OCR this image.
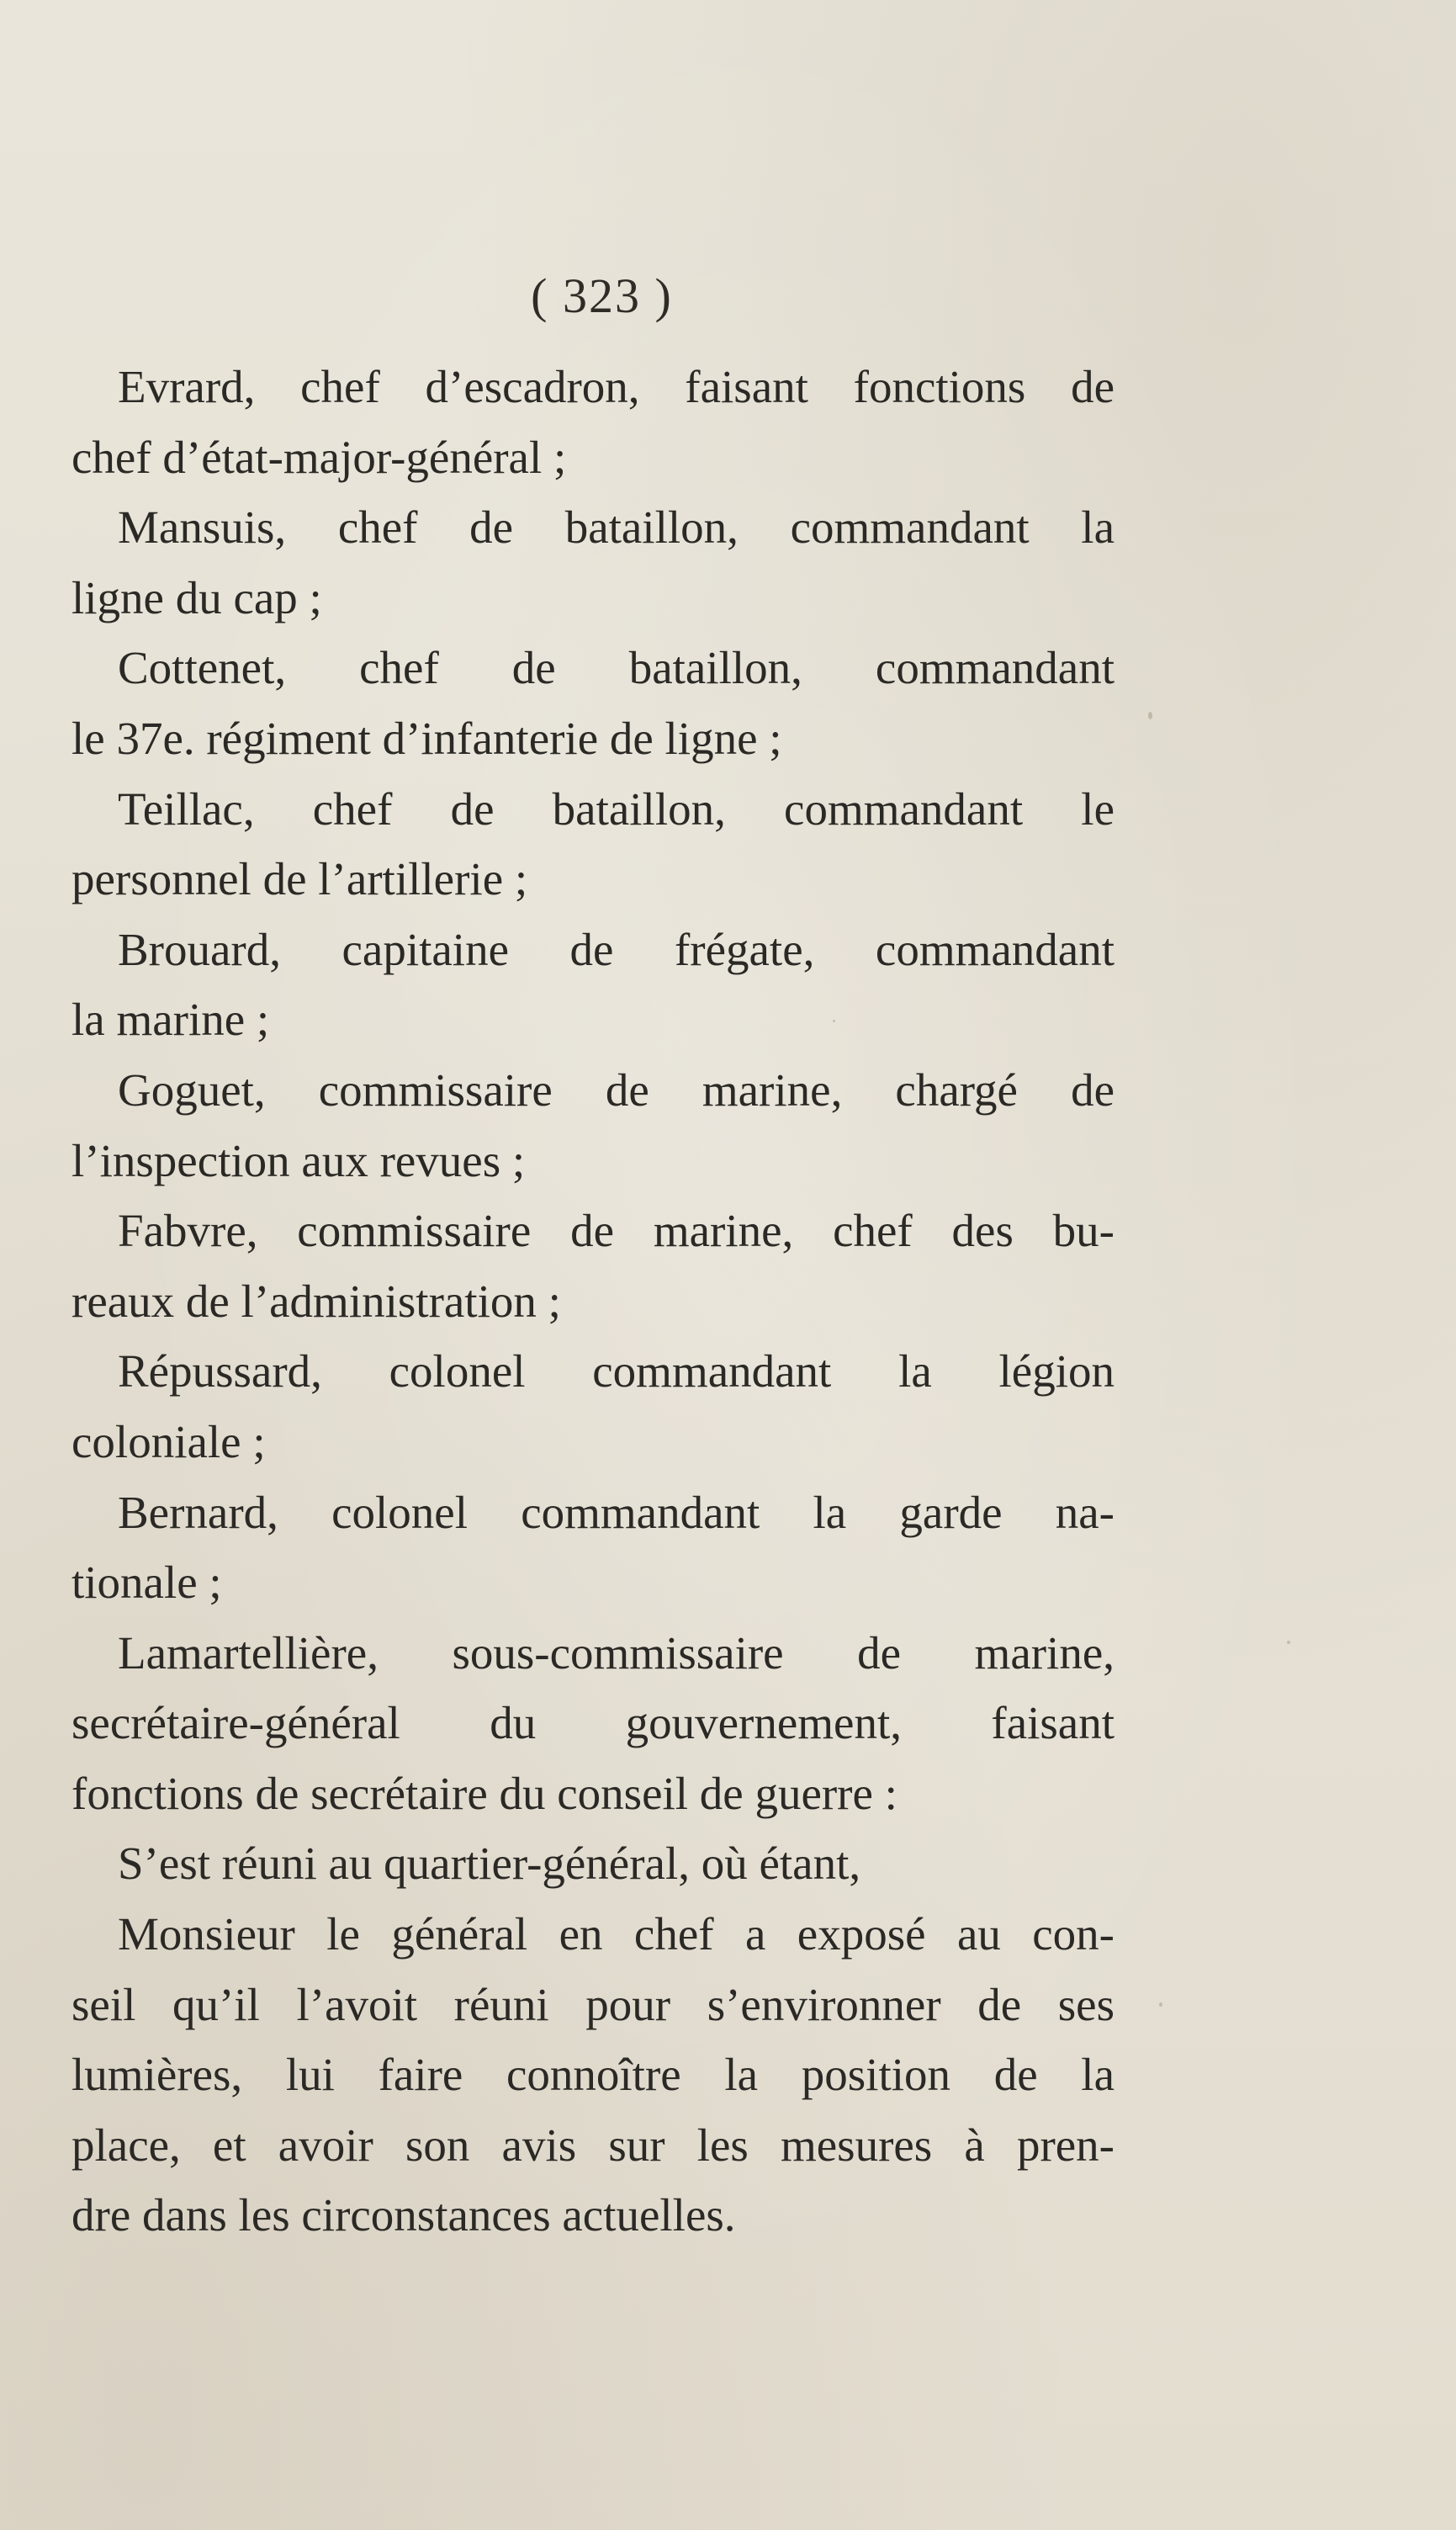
( 323 )
Evrard, chef d’escadron, faisant fonctions de
chef d’état-major-général ;
Mansuis, chef de bataillon, commandant la
ligne du cap ;
Cottenet, chef de bataillon, commandant
le 37e. régiment d’infanterie de ligne ;
Teillac, chef de bataillon, commandant le
personnel de l’artillerie ;
Brouard, capitaine de frégate, commandant
la marine ;
Goguet, commissaire de marine, chargé de
l’inspection aux revues ;
Fabvre, commissaire de marine, chef des bu-
reaux de l’administration ;
Répussard, colonel commandant la légion
coloniale ;
Bernard, colonel commandant la garde na-
tionale ;
Lamartellière, sous-commissaire de marine,
secrétaire-général du gouvernement, faisant
fonctions de secrétaire du conseil de guerre :
S’est réuni au quartier-général, où étant,
Monsieur le général en chef a exposé au con-
seil qu’il l’avoit réuni pour s’environner de ses
lumières, lui faire connoître la position de la
place, et avoir son avis sur les mesures à pren-
dre dans les circonstances actuelles.
